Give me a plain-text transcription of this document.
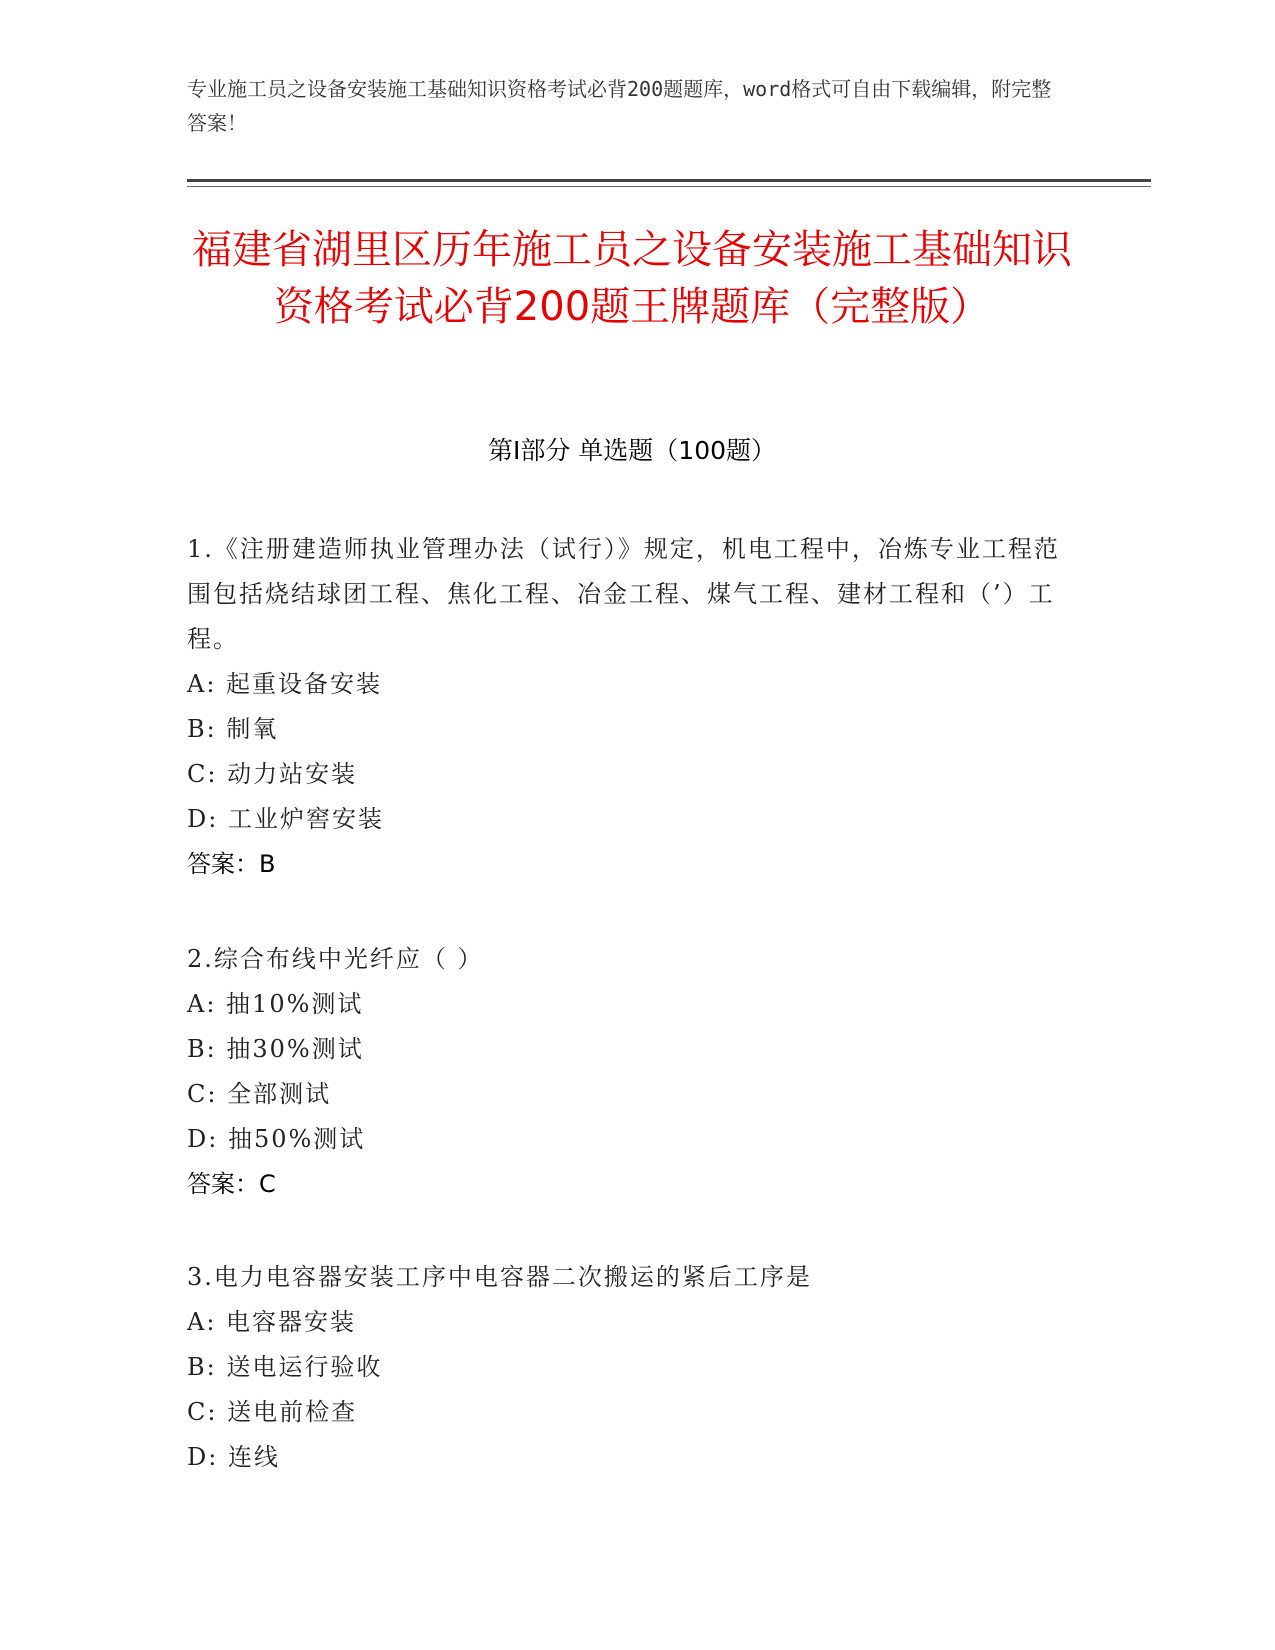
专业施工员之设备安装施工基础知识资格考试必背200题题库，word格式可自由下载编辑，附完整答案！
福建省湖里区历年施工员之设备安装施工基础知识资格考试必背200题王牌题库（完整版）
第I部分 单选题（100题）

1.《注册建造师执业管理办法（试行）》规定，机电工程中，冶炼专业工程范围包括烧结球团工程、焦化工程、冶金工程、煤气工程、建材工程和（’）工程。

A: 起重设备安装

B: 制氧

C: 动力站安装

D: 工业炉窖安装

答案：B

2.综合布线中光纤应（ ）

A: 抽10%测试

B: 抽30%测试

C: 全部测试

D: 抽50%测试

答案：C

3.电力电容器安装工序中电容器二次搬运的紧后工序是

A: 电容器安装

B: 送电运行验收

C: 送电前检查

D: 连线
